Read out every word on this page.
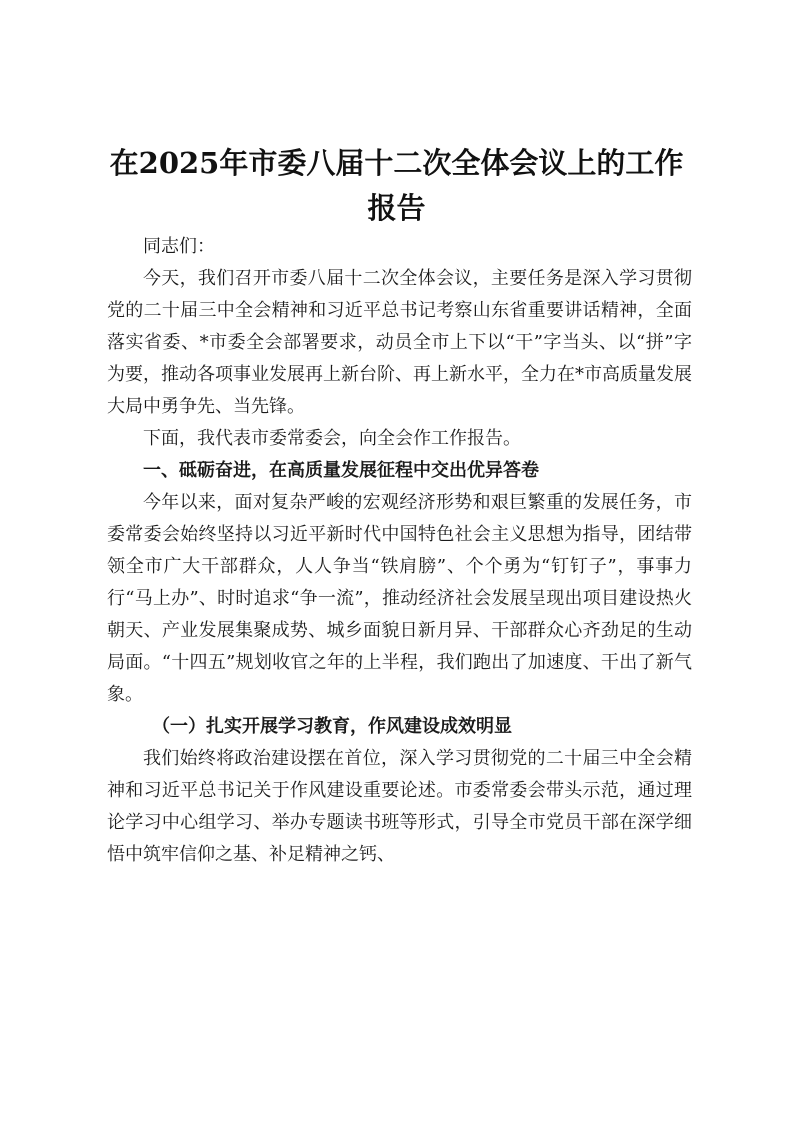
在2025年市委八届十二次全体会议上的工作
报告

同志们：

今天，我们召开市委八届十二次全体会议，主要任务是深入学习贯彻党的二十届三中全会精神和习近平总书记考察山东省重要讲话精神，全面落实省委、*市委全会部署要求，动员全市上下以“干”字当头、以“拼”字为要，推动各项事业发展再上新台阶、再上新水平，全力在*市高质量发展大局中勇争先、当先锋。

下面，我代表市委常委会，向全会作工作报告。

一、砥砺奋进，在高质量发展征程中交出优异答卷

今年以来，面对复杂严峻的宏观经济形势和艰巨繁重的发展任务，市委常委会始终坚持以习近平新时代中国特色社会主义思想为指导，团结带领全市广大干部群众，人人争当“铁肩膀”、个个勇为“钉钉子”，事事力行“马上办”、时时追求“争一流”，推动经济社会发展呈现出项目建设热火朝天、产业发展集聚成势、城乡面貌日新月异、干部群众心齐劲足的生动局面。“十四五”规划收官之年的上半程，我们跑出了加速度、干出了新气象。

（一）扎实开展学习教育，作风建设成效明显

我们始终将政治建设摆在首位，深入学习贯彻党的二十届三中全会精神和习近平总书记关于作风建设重要论述。市委常委会带头示范，通过理论学习中心组学习、举办专题读书班等形式，引导全市党员干部在深学细悟中筑牢信仰之基、补足精神之钙、
